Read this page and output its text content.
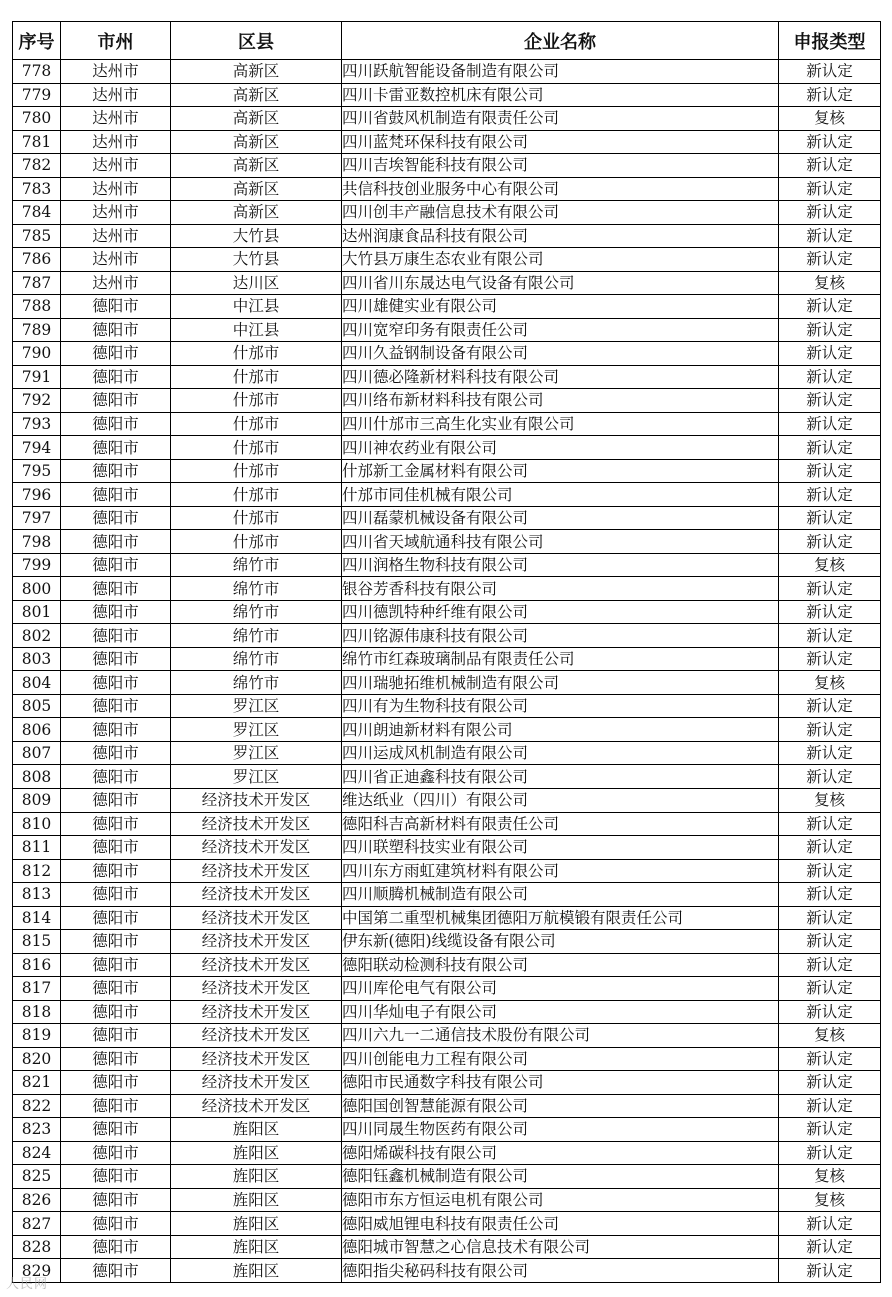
序号	市州	区县	企业名称	申报类型
778	达州市	高新区	四川跃航智能设备制造有限公司	新认定
779	达州市	高新区	四川卡雷亚数控机床有限公司	新认定
780	达州市	高新区	四川省鼓风机制造有限责任公司	复核
781	达州市	高新区	四川蓝梵环保科技有限公司	新认定
782	达州市	高新区	四川吉埃智能科技有限公司	新认定
783	达州市	高新区	共信科技创业服务中心有限公司	新认定
784	达州市	高新区	四川创丰产融信息技术有限公司	新认定
785	达州市	大竹县	达州润康食品科技有限公司	新认定
786	达州市	大竹县	大竹县万康生态农业有限公司	新认定
787	达州市	达川区	四川省川东晟达电气设备有限公司	复核
788	德阳市	中江县	四川雄健实业有限公司	新认定
789	德阳市	中江县	四川宽窄印务有限责任公司	新认定
790	德阳市	什邡市	四川久益钢制设备有限公司	新认定
791	德阳市	什邡市	四川德必隆新材料科技有限公司	新认定
792	德阳市	什邡市	四川络布新材料科技有限公司	新认定
793	德阳市	什邡市	四川什邡市三高生化实业有限公司	新认定
794	德阳市	什邡市	四川神农药业有限公司	新认定
795	德阳市	什邡市	什邡新工金属材料有限公司	新认定
796	德阳市	什邡市	什邡市同佳机械有限公司	新认定
797	德阳市	什邡市	四川磊蒙机械设备有限公司	新认定
798	德阳市	什邡市	四川省天域航通科技有限公司	新认定
799	德阳市	绵竹市	四川润格生物科技有限公司	复核
800	德阳市	绵竹市	银谷芳香科技有限公司	新认定
801	德阳市	绵竹市	四川德凯特种纤维有限公司	新认定
802	德阳市	绵竹市	四川铭源伟康科技有限公司	新认定
803	德阳市	绵竹市	绵竹市红森玻璃制品有限责任公司	新认定
804	德阳市	绵竹市	四川瑞驰拓维机械制造有限公司	复核
805	德阳市	罗江区	四川有为生物科技有限公司	新认定
806	德阳市	罗江区	四川朗迪新材料有限公司	新认定
807	德阳市	罗江区	四川运成风机制造有限公司	新认定
808	德阳市	罗江区	四川省正迪鑫科技有限公司	新认定
809	德阳市	经济技术开发区	维达纸业（四川）有限公司	复核
810	德阳市	经济技术开发区	德阳科吉高新材料有限责任公司	新认定
811	德阳市	经济技术开发区	四川联塑科技实业有限公司	新认定
812	德阳市	经济技术开发区	四川东方雨虹建筑材料有限公司	新认定
813	德阳市	经济技术开发区	四川顺腾机械制造有限公司	新认定
814	德阳市	经济技术开发区	中国第二重型机械集团德阳万航模锻有限责任公司	新认定
815	德阳市	经济技术开发区	伊东新(德阳)线缆设备有限公司	新认定
816	德阳市	经济技术开发区	德阳联动检测科技有限公司	新认定
817	德阳市	经济技术开发区	四川库伦电气有限公司	新认定
818	德阳市	经济技术开发区	四川华灿电子有限公司	新认定
819	德阳市	经济技术开发区	四川六九一二通信技术股份有限公司	复核
820	德阳市	经济技术开发区	四川创能电力工程有限公司	新认定
821	德阳市	经济技术开发区	德阳市民通数字科技有限公司	新认定
822	德阳市	经济技术开发区	德阳国创智慧能源有限公司	新认定
823	德阳市	旌阳区	四川同晟生物医药有限公司	新认定
824	德阳市	旌阳区	德阳烯碳科技有限公司	新认定
825	德阳市	旌阳区	德阳钰鑫机械制造有限公司	复核
826	德阳市	旌阳区	德阳市东方恒运电机有限公司	复核
827	德阳市	旌阳区	德阳威旭锂电科技有限责任公司	新认定
828	德阳市	旌阳区	德阳城市智慧之心信息技术有限公司	新认定
829	德阳市	旌阳区	德阳指尖秘码科技有限公司	新认定
人民网
